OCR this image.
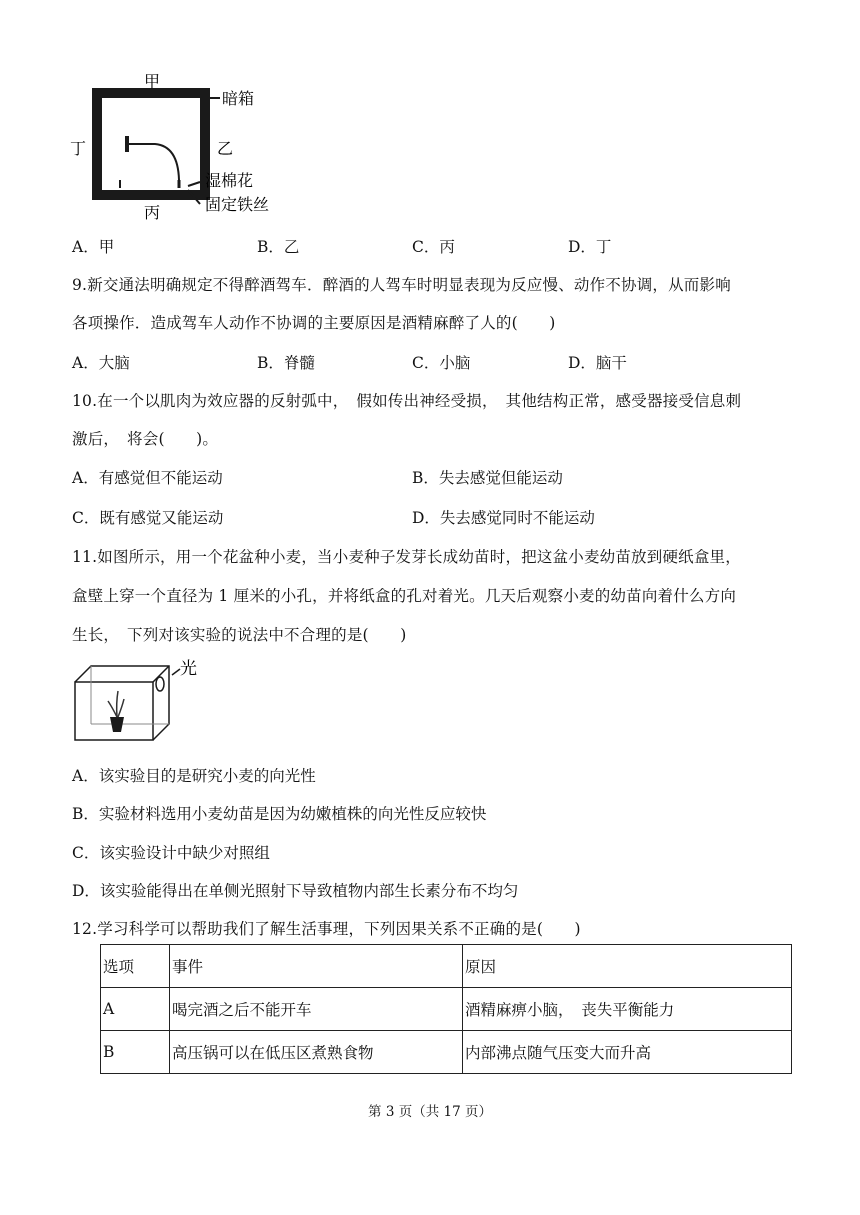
甲
丙
丁	乙
暗箱
湿棉花
固定铁丝
A．甲	B．乙	C．丙	D．丁
9.新交通法明确规定不得醉酒驾车．醉酒的人驾车时明显表现为反应慢、动作不协调，从而影响
各项操作．造成驾车人动作不协调的主要原因是酒精麻醉了人的(　　)
A．大脑	B．脊髓	C．小脑	D．脑干
10.在一个以肌肉为效应器的反射弧中，　假如传出神经受损，　其他结构正常，感受器接受信息刺
激后，　将会(　　)。
A．有感觉但不能运动	B．失去感觉但能运动
C．既有感觉又能运动	D．失去感觉同时不能运动
11.如图所示，用一个花盆种小麦，当小麦种子发芽长成幼苗时，把这盆小麦幼苗放到硬纸盒里，
盒壁上穿一个直径为 1 厘米的小孔，并将纸盒的孔对着光。几天后观察小麦的幼苗向着什么方向
生长，　下列对该实验的说法中不合理的是(　　)
光
A．该实验目的是研究小麦的向光性
B．实验材料选用小麦幼苗是因为幼嫩植株的向光性反应较快
C．该实验设计中缺少对照组
D．该实验能得出在单侧光照射下导致植物内部生长素分布不均匀
12.学习科学可以帮助我们了解生活事理，下列因果关系不正确的是(　　)
选项	事件	原因
A	喝完酒之后不能开车	酒精麻痹小脑，　丧失平衡能力
B	高压锅可以在低压区煮熟食物	内部沸点随气压变大而升高
第 3 页（共 17 页）
